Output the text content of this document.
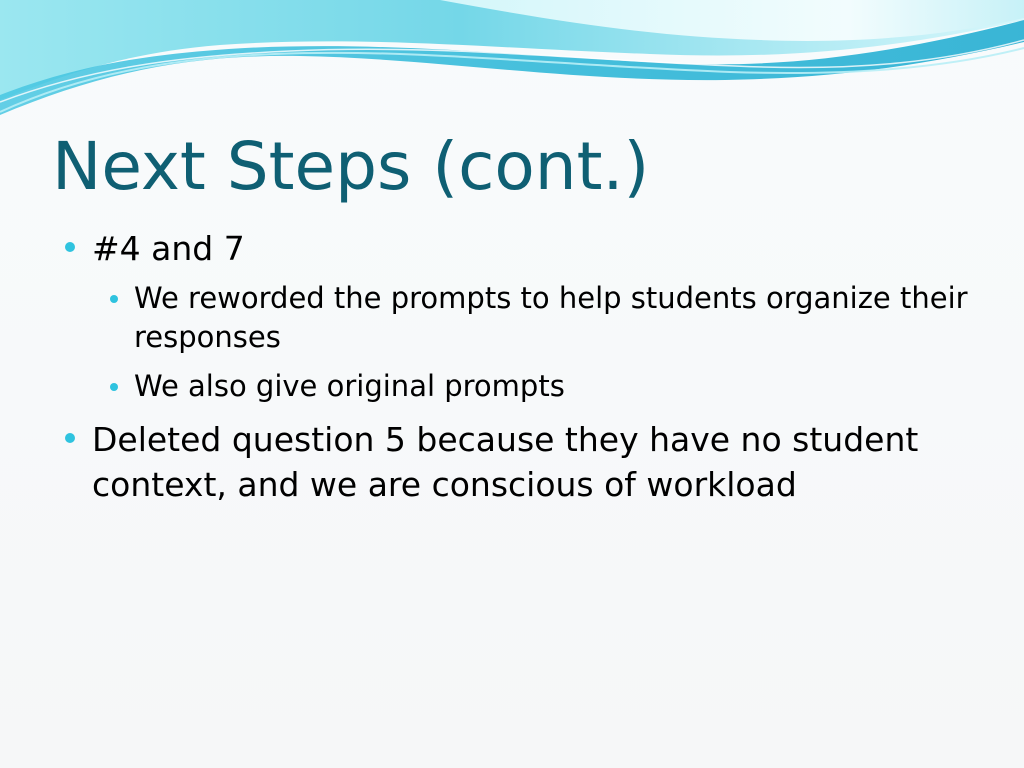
Next Steps (cont.)
#4 and 7
We reworded the prompts to help students organize their responses
We also give original prompts
Deleted question 5 because they have no student context, and we are conscious of workload
